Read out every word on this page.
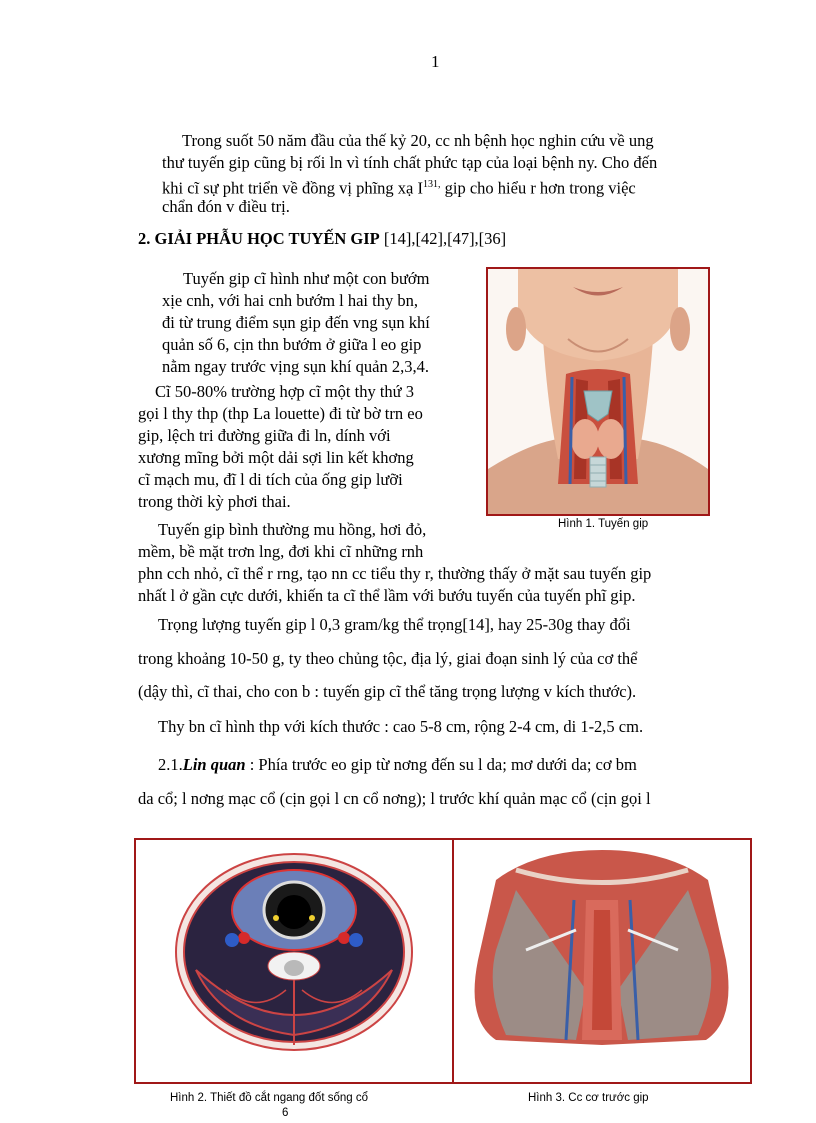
1
Trong suốt 50 năm đầu của thế kỷ 20, cc nh bệnh học nghin cứu về ung
thư tuyến gip cũng bị rối ln vì tính chất phức tạp của loại bệnh ny. Cho đến
khi cĩ sự pht triển về đồng vị phĩng xạ $I^{131,}$ gip cho hiểu r hơn trong việc
chẩn đón v điều trị.
2. GIẢI PHẪU HỌC TUYẾN GIP [14],[42],[47],[36]
Tuyến gip cĩ hình như một con bướm
xịe cnh, với hai cnh bướm l hai thy bn,
đi từ trung điểm sụn gip đến vng sụn khí
quản số 6, cịn thn bướm ở giữa l eo gip
nằm ngay trước vịng sụn khí quản 2,3,4.
Cĩ 50-80% trường hợp cĩ một thy thứ 3
gọi l thy thp (thp La louette) đi từ bờ trn eo
gip, lệch tri đường giữa đi ln, dính với
xương mĩng bởi một dải sợi lin kết khơng
cĩ mạch mu, đĩ l di tích của ống gip lưỡi
trong thời kỳ phơi thai.
Tuyến gip bình thường mu hồng, hơi đỏ,
mềm, bề mặt trơn lng, đơi khi cĩ những rnh
phn cch nhỏ, cĩ thể r rng, tạo nn cc tiểu thy r, thường thấy ở mặt sau tuyến gip
nhất l ở gần cực dưới, khiến ta cĩ thể lầm với bướu tuyến của tuyến phĩ gip.
Trọng lượng tuyến gip l 0,3 gram/kg thể trọng[14], hay 25-30g thay đổi
trong khoảng 10-50 g, ty theo chủng tộc, địa lý, giai đoạn sinh lý của cơ thể
(dậy thì, cĩ thai, cho con b : tuyến gip cĩ thể tăng trọng lượng v kích thước).
Thy bn cĩ hình thp với kích thước : cao 5-8 cm, rộng 2-4 cm, di 1-2,5 cm.
2.1.Lin quan : Phía trước eo gip từ nơng đến su l da; mơ dưới da; cơ bm
da cổ; l nơng mạc cổ (cịn gọi l cn cổ nơng); l trước khí quản mạc cổ (cịn gọi l
Hình 1. Tuyến gip
Hình 2. Thiết đồ cắt ngang đốt sống cổ
6
Hình 3. Cc cơ trước gip
